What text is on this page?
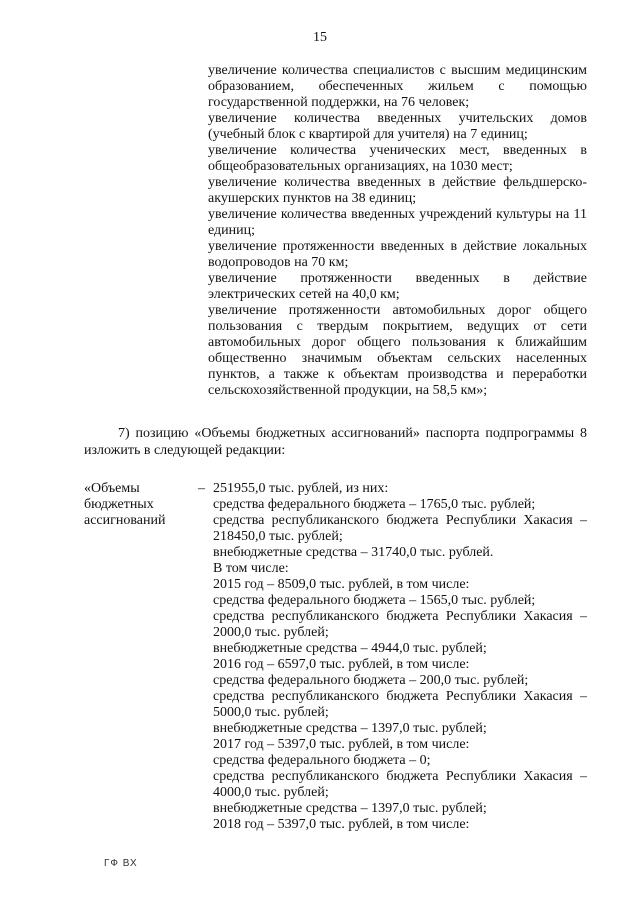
15

увеличение количества специалистов с высшим медицинским образованием, обеспеченных жильем с помощью государственной поддержки, на 76 человек;

увеличение количества введенных учительских домов (учебный блок с квартирой для учителя) на 7 единиц;

увеличение количества ученических мест, введенных в общеобразовательных организациях, на 1030 мест;

увеличение количества введенных в действие фельдшерско-акушерских пунктов на 38 единиц;

увеличение количества введенных учреждений культуры на 11 единиц;

увеличение протяженности введенных в действие локальных водопроводов на 70 км;

увеличение протяженности введенных в действие электрических сетей на 40,0 км;

увеличение протяженности автомобильных дорог общего пользования с твердым покрытием, ведущих от сети автомобильных дорог общего пользования к ближайшим общественно значимым объектам сельских населенных пунктов, а также к объектам производства и переработки сельскохозяйственной продукции, на 58,5 км»;

7) позицию «Объемы бюджетных ассигнований» паспорта подпрограммы 8 изложить в следующей редакции:
«Объемы бюджетных ассигнований
– 251955,0 тыс. рублей, из них:

средства федерального бюджета – 1765,0 тыс. рублей;

средства республиканского бюджета Республики Хакасия – 218450,0 тыс. рублей;

внебюджетные средства – 31740,0 тыс. рублей.

В том числе:

2015 год – 8509,0 тыс. рублей, в том числе:

средства федерального бюджета – 1565,0 тыс. рублей;

средства республиканского бюджета Республики Хакасия – 2000,0 тыс. рублей;

внебюджетные средства – 4944,0 тыс. рублей;

2016 год – 6597,0 тыс. рублей, в том числе:

средства федерального бюджета – 200,0 тыс. рублей;

средства республиканского бюджета Республики Хакасия – 5000,0 тыс. рублей;

внебюджетные средства – 1397,0 тыс. рублей;

2017 год – 5397,0 тыс. рублей, в том числе:

средства федерального бюджета – 0;

средства республиканского бюджета Республики Хакасия – 4000,0 тыс. рублей;

внебюджетные средства – 1397,0 тыс. рублей;

2018 год – 5397,0 тыс. рублей, в том числе:

ГФ ВХ
